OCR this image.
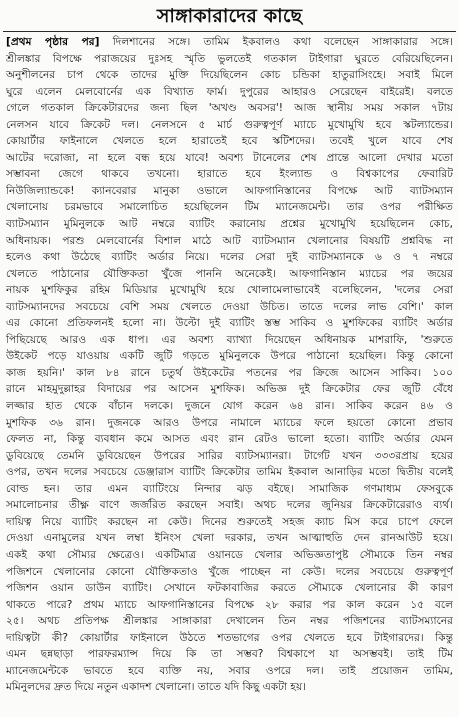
সাঙ্গাকারাদের কাছে
[প্রথম পৃষ্ঠার পর] দিলশানের সঙ্গে। তামিম ইকবালও কথা বলেছেন সাঙ্গাকারার সঙ্গে।
শ্রীলঙ্কার বিপক্ষে পরাজয়ের দুঃসহ স্মৃতি ভুলতেই গতকাল টাইগারা ঘুরতে বেরিয়েছিলেন।
অনুশীলনের চাপ থেকে তাদের মুক্তি দিয়েছিলেন কোচ চন্ডিকা হাতুরাসিংহে। সবাই মিলে
ঘুরে এলেন মেলবোর্নের এক বিখ্যাত ফার্ম। দুপুরের আহারও সেরেছেন বাইরেই। বলতে
গেলে গতকাল ক্রিকেটারদের জন্য ছিল 'অখণ্ড অবসর'! আজ স্থানীয় সময় সকাল ৭টায়
নেলসন যাবে ক্রিকেট দল। নেলসনে ৫ মার্চ গুরুত্বপূর্ণ ম্যাচে মুখোমুখি হবে স্কটল্যান্ডের।
কোয়ার্টার ফাইনালে খেলতে হলে হারাতেই হবে স্কটিশদের। তবেই খুলে যাবে শেষ
আটের দরোজা, না হলে বন্ধ হয়ে যাবে! অবশ্য টানেলের শেষ প্রান্তে আলো দেখার মতো
সম্ভাবনা জেগে থাকবে তখনো। হারাতে হবে ইংল্যান্ড ও বিশ্বকাপের ফেবারিট
নিউজিল্যান্ডকে! ক্যানবেরার মানুকা ওভালে আফগানিস্তানের বিপক্ষে আট ব্যাটসম্যান
খেলানোয় চরমভাবে সমালোচিত হয়েছিলেন টিম ম্যানেজমেন্ট। তার ওপর পরীক্ষিত
ব্যাটসম্যান মুমিনুলকে আট নম্বরে ব্যাটিং করানোয় প্রশ্নের মুখোমুখি হয়েছিলেন কোচ,
অধিনায়ক। পরশু মেলবোর্নের বিশাল মাঠে আট ব্যাটসম্যান খেলানোর বিষয়টি প্রশ্নবিদ্ধ না
হলেও কথা উঠেছে ব্যাটিং অর্ডার নিয়ে। দলের সেরা দুই ব্যাটসম্যানকে ৬ ও ৭ নম্বরে
খেলতে পাঠানোর যৌক্তিকতা খুঁজে পাননি অনেকেই। আফগানিস্তান ম্যাচের পর জয়ের
নায়ক মুশফিকুর রহিম মিডিয়ার মুখোমুখি হয়ে খোলামেলাভাবেই বলেছিলেন, 'দলের সেরা
ব্যাটসম্যানদের সবচেয়ে বেশি সময় খেলতে দেওয়া উচিত। তাতে দলের লাভ বেশি।' কাল
এর কোনো প্রতিফলনই হলো না। উল্টো দুই ব্যাটিং স্তম্ভ সাকিব ও মুশফিকের ব্যাটিং অর্ডার
পিছিয়েছে আরও এক ধাপ। এর অবশ্য ব্যাখ্যা দিয়েছেন অধিনায়ক মাশরাফি, 'শুরুতে
উইকেট পড়ে যাওয়ায় একটি জুটি গড়তে মুমিনুলকে উপরে পাঠানো হয়েছিল। কিন্তু কোনো
কাজ হয়নি।' কাল ৮৪ রানে চতুর্থ উইকেটের পতনের পর ক্রিজে আসেন সাকিব। ১০০
রানে মাহমুদুল্লাহর বিদায়ের পর আসেন মুশফিক। অভিজ্ঞ দুই ক্রিকেটার ফের জুটি বেঁধে
লজ্জার হাত থেকে বাঁচান দলকে। দুজনে যোগ করেন ৬৪ রান। সাকিব করেন ৪৬ ও
মুশফিক ৩৬ রান। দুজনকে আরও উপরে নামালে ম্যাচের ফলে হয়তো কোনো প্রভাব
ফেলত না, কিন্তু ব্যবধান কমে আসত এবং রান রেটও ভালো হতো। ব্যাটিং অর্ডার যেমন
ডুবিয়েছে তেমনি ডুবিয়েছেন উপরের সারির ব্যাটসম্যানরা। টার্গেট যখন ৩৩৩রপ্রায় হয়ের
ওপর, তখন দলের সবচেয়ে ডেঞ্জারাস ব্যাটিং ক্রিকেটার তামিম ইকবাল আনাড়ির মতো দ্বিতীয় বলেই
বোল্ড হন। তার এমন ব্যাটিংয়ে নিন্দার ঝড় বইছে। সামাজিক গণমাধ্যম ফেসবুকে
সমালোচনার তীক্ষ্ণ বাণে জর্জরিত করছেন সবাই। অথচ দলের জুনিয়র ক্রিকেটারেরাও ব্যর্থ।
দায়িত্ব নিয়ে ব্যাটিং করছেন না কেউ। দিনের শুরুতেই সহজ ক্যাচ মিস করে চাপে ফেলে
দেওয়া এনামুলের যখন লম্বা ইনিংস খেলা দরকার, তখন আত্মাহুতি দেন রানআউট হয়ে।
একই কথা সৌম্যর ক্ষেত্রেও। একটিমাত্র ওয়ানডে খেলার অভিজ্ঞতাপুষ্ট সৌম্যকে তিন নম্বর
পজিশনে খেলানোর কোনো যৌক্তিকতাও খুঁজে পাচ্ছেন না কেউ। দলের সবচেয়ে গুরুত্বপূর্ণ
পজিশন ওয়ান ডাউন ব্যাটিং। সেখানে ফটকাবাজির করতে সৌম্যকে খেলানোর কী কারণ
থাকতে পারে? প্রথম ম্যাচে আফগানিস্তানের বিপক্ষে ২৮ করার পর কাল করেন ১৫ বলে
২৫। অথচ প্রতিপক্ষ শ্রীলঙ্কার সাঙ্গাকারা দেখালেন তিন নম্বর পজিশনের ব্যাটসম্যানের
দায়িত্বটা কী? কোয়ার্টার ফাইনালে উঠতে শতভাগের ওপর খেলতে হবে টাইগারদের। কিন্তু
এমন ছন্নছাড়া পারফরম্যান্স দিয়ে কি তা সম্ভব? বিশ্বকাপে যা অসম্ভবই। তাই টিম
ম্যানেজমেন্টকে ভাবতে হবে ব্যক্তি নয়, সবার ওপরে দল। তাই প্রয়োজন তামিম,
মমিনুলদের দ্রুত দিয়ে নতুন একাদশ খেলানো। তাতে যদি কিছু একটা হয়।
